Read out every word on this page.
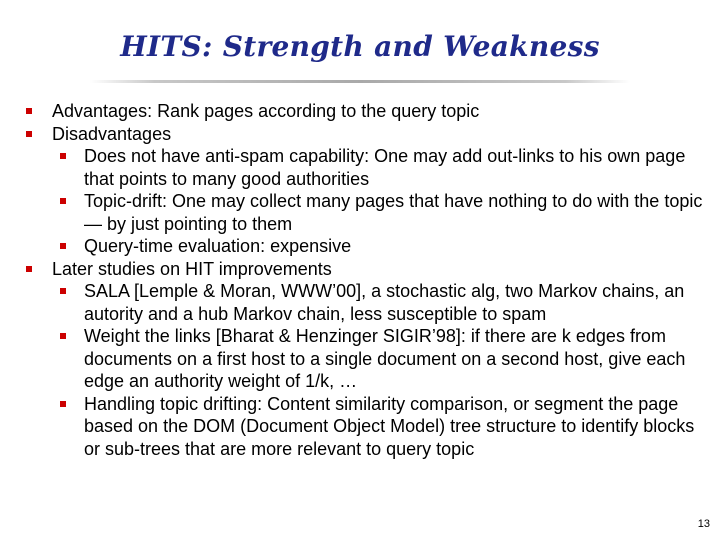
HITS: Strength and Weakness
Advantages: Rank pages according to the query topic
Disadvantages
Does not have anti-spam capability: One may add out-links to his own page that points to many good authorities
Topic-drift: One may collect many pages that have nothing to do with the topic — by just pointing to them
Query-time evaluation: expensive
Later studies on HIT improvements
SALA [Lemple & Moran, WWW’00], a stochastic alg, two Markov chains, an autority and a hub Markov chain, less susceptible to spam
Weight the links [Bharat & Henzinger SIGIR’98]: if there are k edges from documents on a first host to a single document on a second host, give each edge an authority weight of 1/k, …
Handling topic drifting: Content similarity comparison, or segment the page based on the DOM (Document Object Model) tree structure to identify blocks or sub-trees that are more relevant to query topic
13
